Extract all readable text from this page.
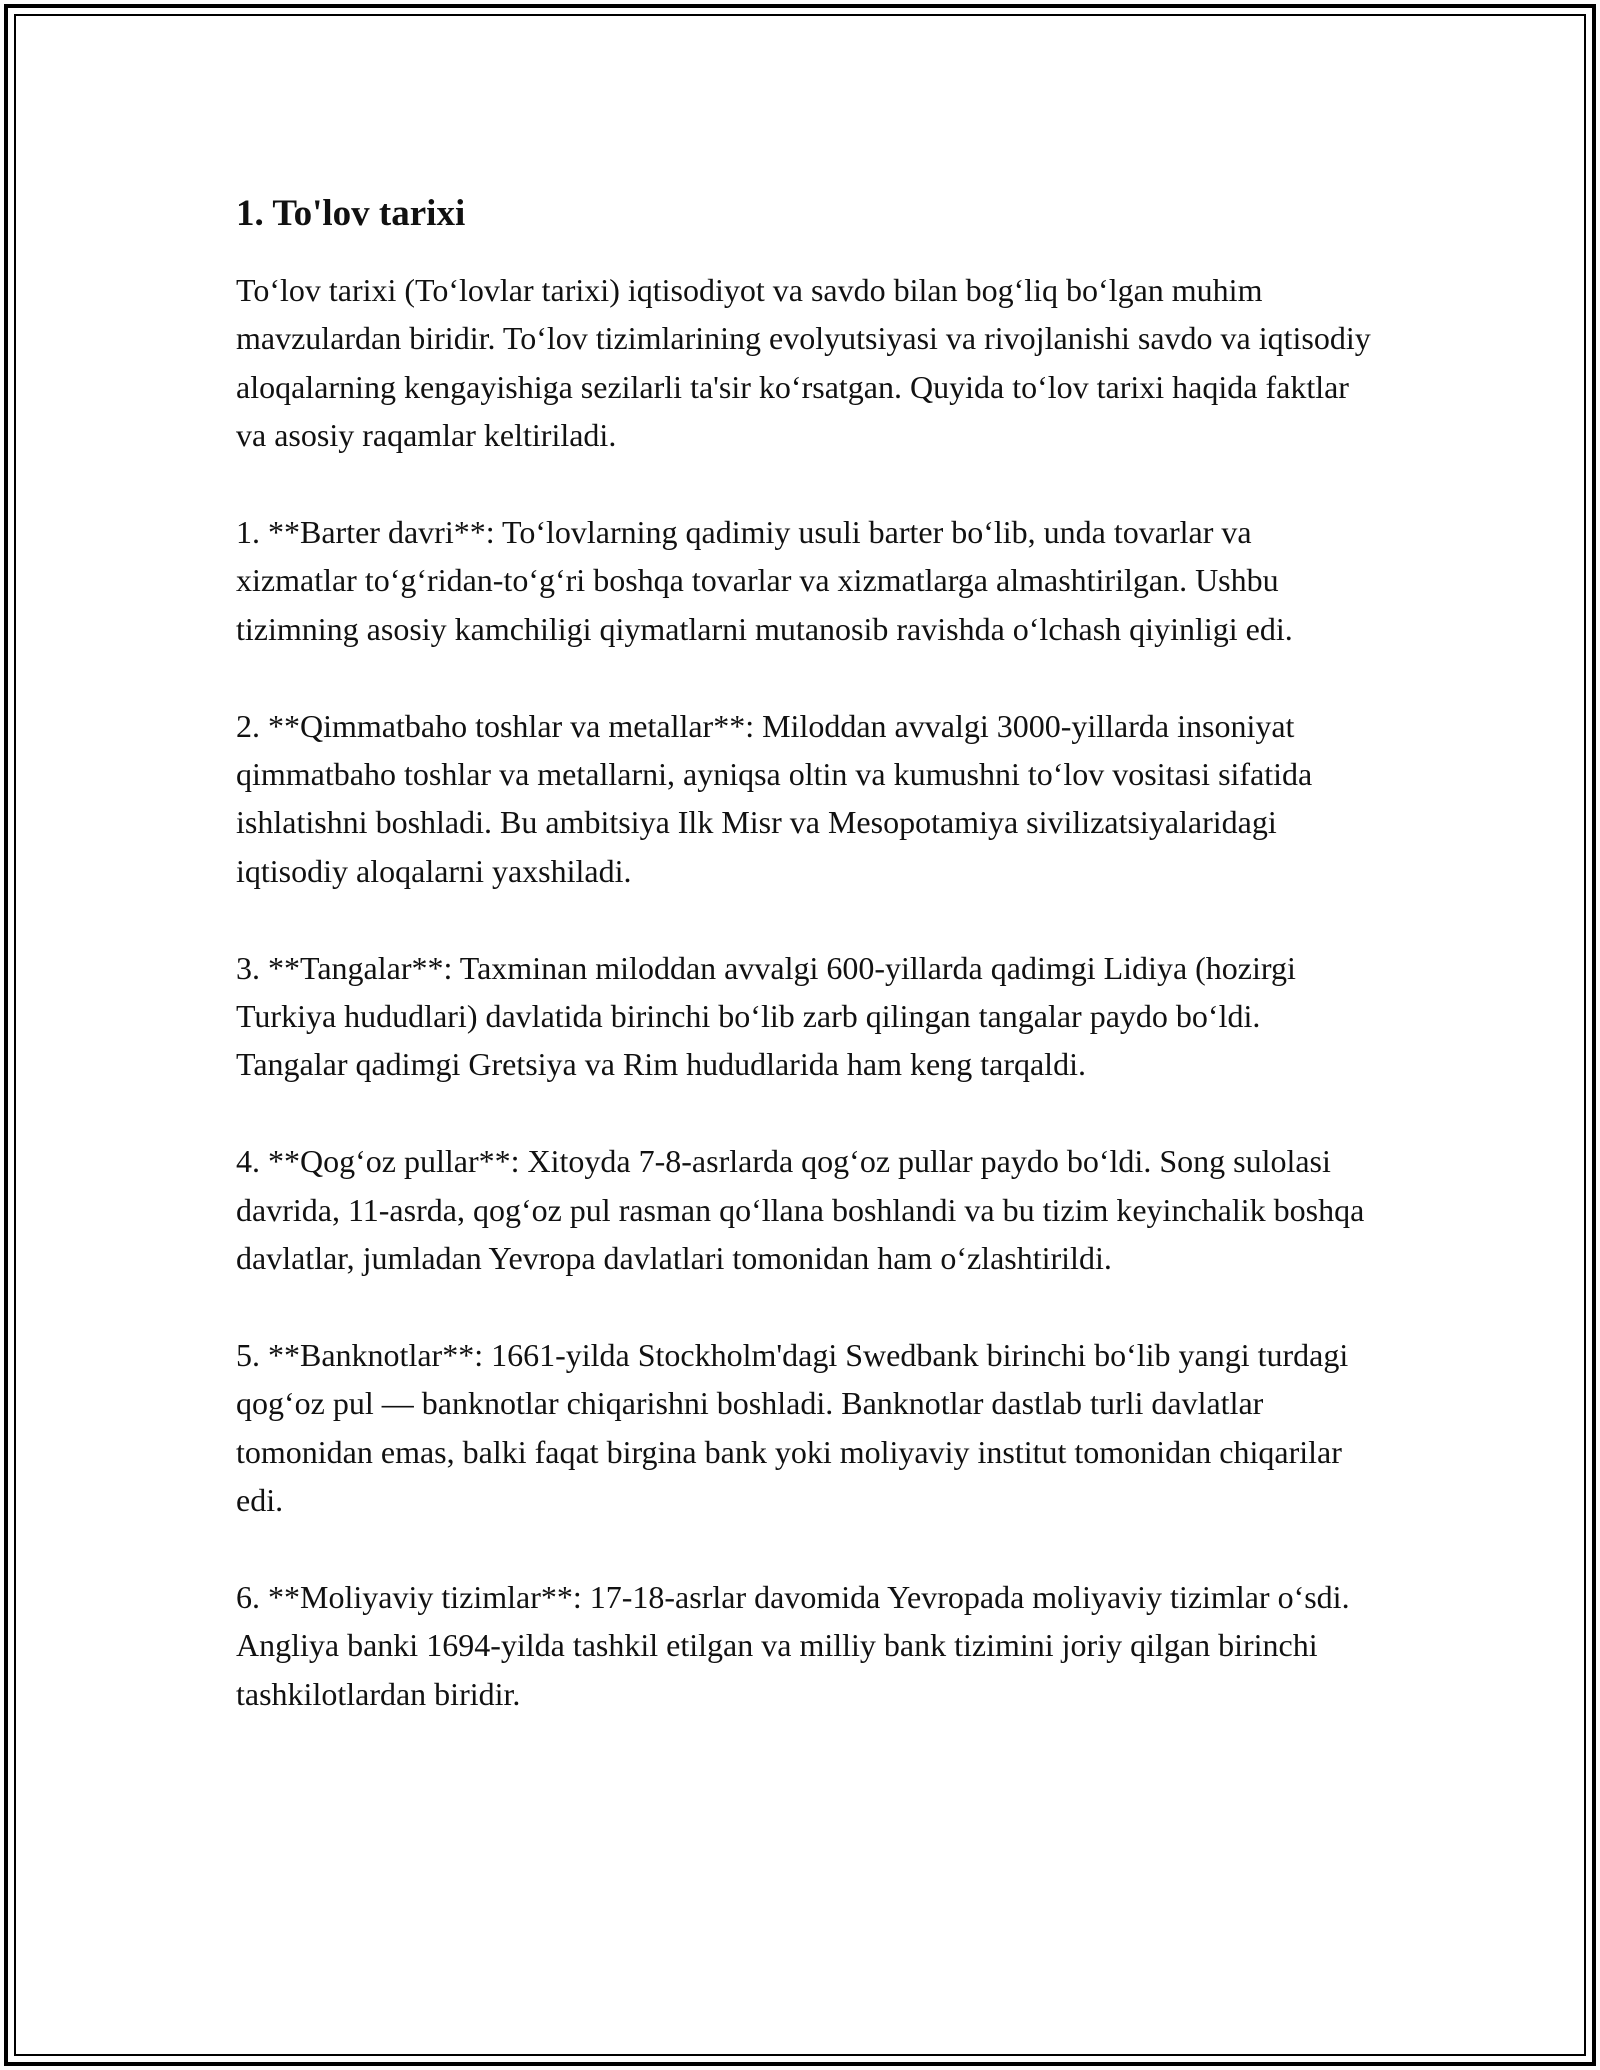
1. To'lov tarixi

To‘lov tarixi (To‘lovlar tarixi) iqtisodiyot va savdo bilan bog‘liq bo‘lgan muhim mavzulardan biridir. To‘lov tizimlarining evolyutsiyasi va rivojlanishi savdo va iqtisodiy aloqalarning kengayishiga sezilarli ta'sir ko‘rsatgan. Quyida to‘lov tarixi haqida faktlar va asosiy raqamlar keltiriladi.

1. **Barter davri**: To‘lovlarning qadimiy usuli barter bo‘lib, unda tovarlar va xizmatlar to‘g‘ridan-to‘g‘ri boshqa tovarlar va xizmatlarga almashtirilgan. Ushbu tizimning asosiy kamchiligi qiymatlarni mutanosib ravishda o‘lchash qiyinligi edi.

2. **Qimmatbaho toshlar va metallar**: Miloddan avvalgi 3000-yillarda insoniyat qimmatbaho toshlar va metallarni, ayniqsa oltin va kumushni to‘lov vositasi sifatida ishlatishni boshladi. Bu ambitsiya Ilk Misr va Mesopotamiya sivilizatsiyalaridagi iqtisodiy aloqalarni yaxshiladi.

3. **Tangalar**: Taxminan miloddan avvalgi 600-yillarda qadimgi Lidiya (hozirgi Turkiya hududlari) davlatida birinchi bo‘lib zarb qilingan tangalar paydo bo‘ldi. Tangalar qadimgi Gretsiya va Rim hududlarida ham keng tarqaldi.

4. **Qog‘oz pullar**: Xitoyda 7-8-asrlarda qog‘oz pullar paydo bo‘ldi. Song sulolasi davrida, 11-asrda, qog‘oz pul rasman qo‘llana boshlandi va bu tizim keyinchalik boshqa davlatlar, jumladan Yevropa davlatlari tomonidan ham o‘zlashtirildi.

5. **Banknotlar**: 1661-yilda Stockholm'dagi Swedbank birinchi bo‘lib yangi turdagi qog‘oz pul — banknotlar chiqarishni boshladi. Banknotlar dastlab turli davlatlar tomonidan emas, balki faqat birgina bank yoki moliyaviy institut tomonidan chiqarilar edi.

6. **Moliyaviy tizimlar**: 17-18-asrlar davomida Yevropada moliyaviy tizimlar o‘sdi. Angliya banki 1694-yilda tashkil etilgan va milliy bank tizimini joriy qilgan birinchi tashkilotlardan biridir.
